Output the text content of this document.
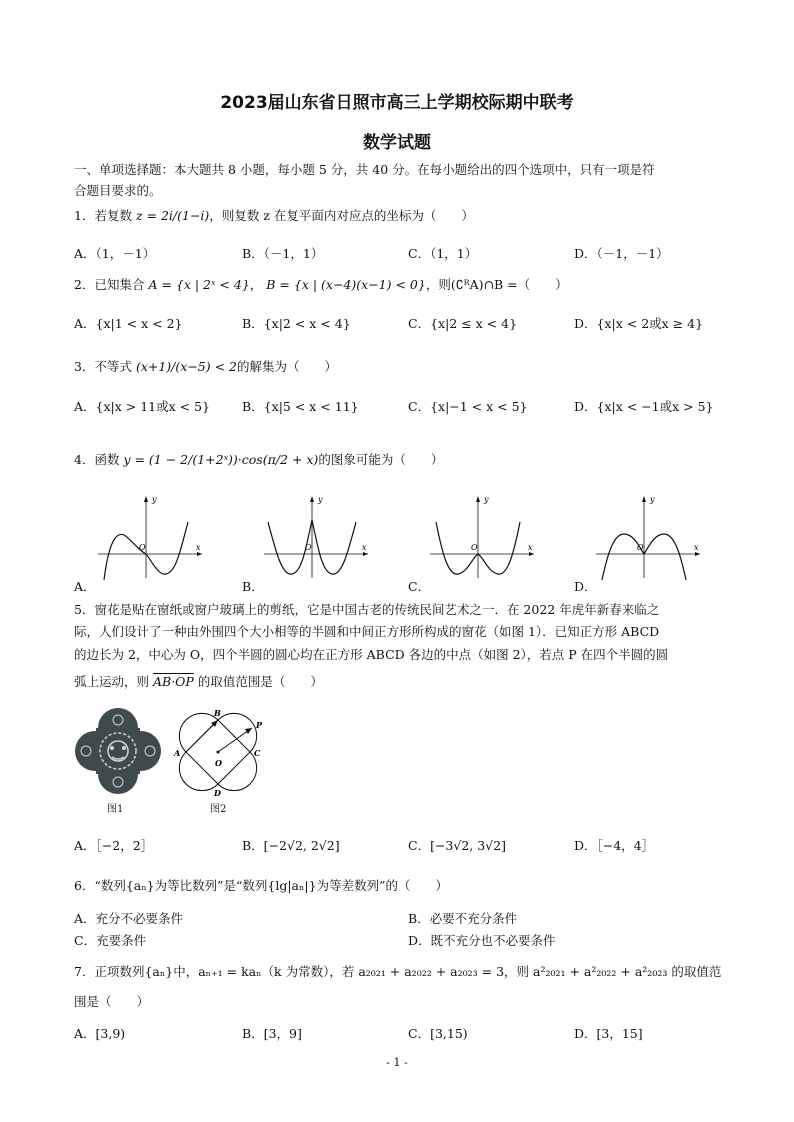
2023届山东省日照市高三上学期校际期中联考
数学试题
一、单项选择题：本大题共 8 小题，每小题 5 分，共 40 分。在每小题给出的四个选项中，只有一项是符
合题目要求的。
1．若复数 z = 2i/(1−i)，则复数 z 在复平面内对应点的坐标为（　　）
A．（1，－1）	B．（－1，1）	C．（1，1）	D．（－1，－1）
2．已知集合 A = {x | 2ˣ < 4}， B = {x | (x−4)(x−1) < 0}，则(∁ᴿA)∩B =（　　）
A．{x|1 < x < 2}	B．{x|2 < x < 4}	C．{x|2 ≤ x < 4}	D．{x|x < 2或x ≥ 4}
3．不等式 (x+1)/(x−5) < 2的解集为（　　）
A．{x|x > 11或x < 5}	B．{x|5 < x < 11}	C．{x|−1 < x < 5}	D．{x|x < −1或x > 5}
4．函数 y = (1 − 2/(1+2ˣ))·cos(π/2 + x)的图象可能为（　　）
y
x
O
y
x
O
y
x
O
y
x
O
A．	B．	C．	D．
5．窗花是贴在窗纸或窗户玻璃上的剪纸，它是中国古老的传统民间艺术之一．在 2022 年虎年新春来临之
际，人们设计了一种由外围四个大小相等的半圆和中间正方形所构成的窗花（如图 1）．已知正方形 ABCD
的边长为 2，中心为 O，四个半圆的圆心均在正方形 ABCD 各边的中点（如图 2），若点 P 在四个半圆的圆
弧上运动，则 AB·OP 的取值范围是（　　）
图1
B
A	C
D
O
P
图2
A．［−2，2］	B．[−2√2, 2√2]	C．[−3√2, 3√2]	D．［−4，4］
6．“数列{aₙ}为等比数列”是“数列{lg|aₙ|}为等差数列”的（　　）
A．充分不必要条件	B．必要不充分条件
C．充要条件	D．既不充分也不必要条件
7．正项数列{aₙ}中，aₙ₊₁ = kaₙ（k 为常数），若 a₂₀₂₁ + a₂₀₂₂ + a₂₀₂₃ = 3，则 a²₂₀₂₁ + a²₂₀₂₂ + a²₂₀₂₃ 的取值范
围是（　　）
A．[3,9)	B．[3，9]	C．[3,15)	D．[3，15]
- 1 -
